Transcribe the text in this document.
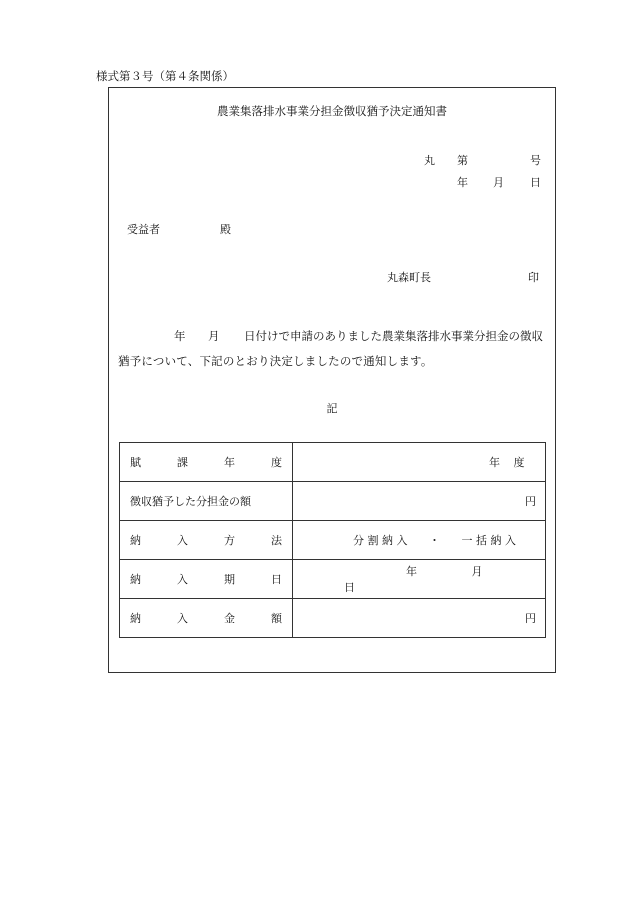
様式第３号（第４条関係）
農業集落排水事業分担金徴収猶予決定通知書
丸 第	号
年 月 日
受益者	殿
丸森町長	印
年 月 日付けで申請のありました農業集落排水事業分担金の徴収
猶予について、下記のとおり決定しましたので通知します。
記
賦 課 年 度	年 度
徴収猶予した分担金の額	円

納 入 方 法	分 割 納 入 ・ 一 括 納 入

納 入 期 日	年 月 日

納 入 金 額	円
